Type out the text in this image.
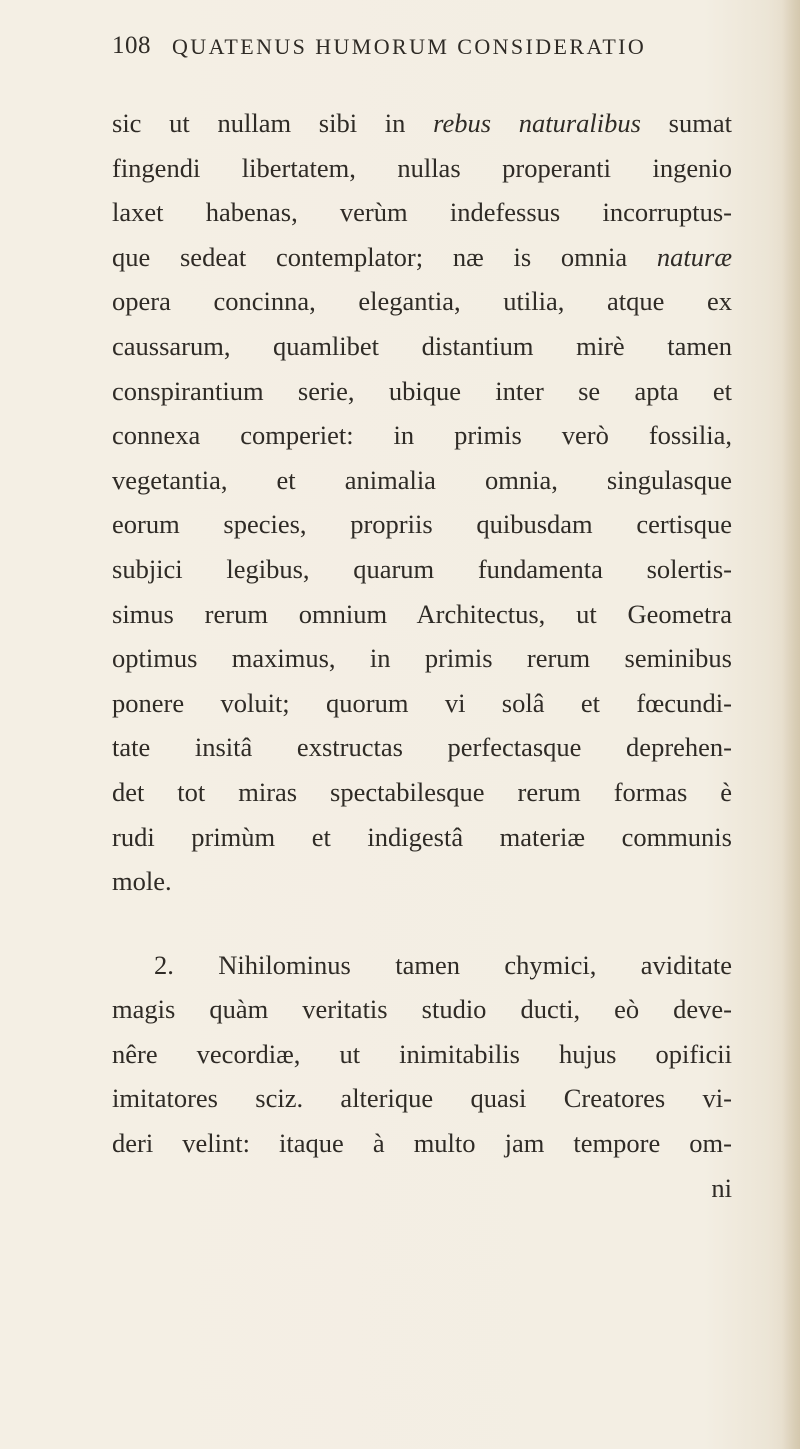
108 QUATENUS HUMORUM CONSIDERATIO
sic ut nullam sibi in rebus naturalibus sumat
fingendi libertatem, nullas properanti ingenio
laxet habenas, verùm indefessus incorruptus-
que sedeat contemplator; næ is omnia naturæ
opera concinna, elegantia, utilia, atque ex
caussarum, quamlibet distantium mirè tamen
conspirantium serie, ubique inter se apta et
connexa comperiet: in primis verò fossilia,
vegetantia, et animalia omnia, singulasque
eorum species, propriis quibusdam certisque
subjici legibus, quarum fundamenta solertis-
simus rerum omnium Architectus, ut Geometra
optimus maximus, in primis rerum seminibus
ponere voluit; quorum vi solâ et fœcundi-
tate insitâ exstructas perfectasque deprehen-
det tot miras spectabilesque rerum formas è
rudi primùm et indigestâ materiæ communis
mole.
2. Nihilominus tamen chymici, aviditate
magis quàm veritatis studio ducti, eò deve-
nêre vecordiæ, ut inimitabilis hujus opificii
imitatores sciz. alterique quasi Creatores vi-
deri velint: itaque à multo jam tempore om-
ni
